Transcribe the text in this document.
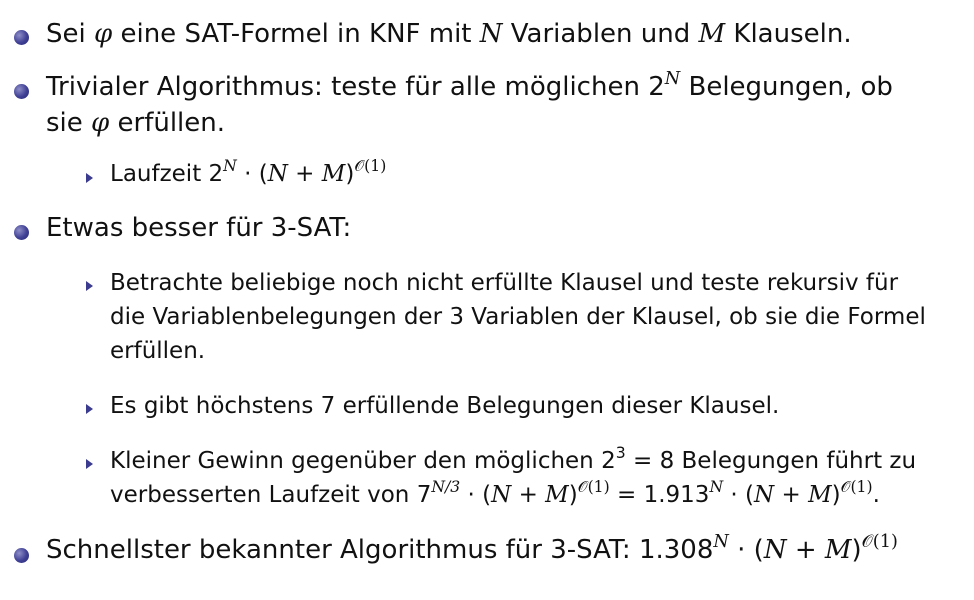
Sei φ eine SAT-Formel in KNF mit N Variablen und M Klauseln.
Trivialer Algorithmus: teste für alle möglichen $2^N$ Belegungen, ob
sie φ erfüllen.
Laufzeit $2^N \cdot (N + M)^{𝒪(1)}$
Etwas besser für 3-SAT:
Betrachte beliebige noch nicht erfüllte Klausel und teste rekursiv für
die Variablenbelegungen der 3 Variablen der Klausel, ob sie die Formel
erfüllen.
Es gibt höchstens 7 erfüllende Belegungen dieser Klausel.
Kleiner Gewinn gegenüber den möglichen $2^3 = 8$ Belegungen führt zu
verbesserten Laufzeit von $7^{N/3} \cdot (N + M)^{𝒪(1)} = 1.913^N \cdot (N + M)^{𝒪(1)}$.
Schnellster bekannter Algorithmus für 3-SAT: $1.308^N \cdot (N + M)^{𝒪(1)}$
